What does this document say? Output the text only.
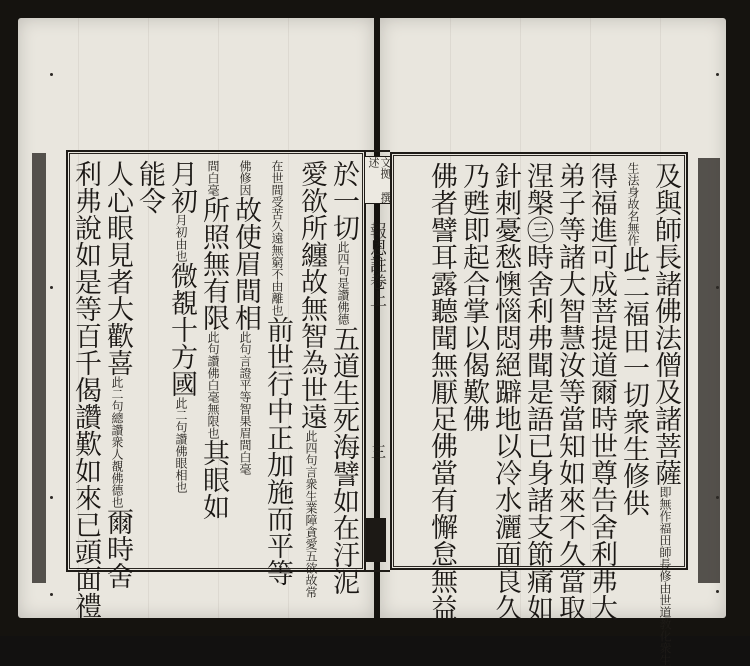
於一切此四句是讚佛德五道生死海譬如在汙泥
愛欲所纏故無智為世遠此四句言衆生業障貪愛五欲故常
在世間受苦久遠無窮不由離也前世行中正加施而平等
佛修因故使眉間相此句言證平等智果眉間白毫
間白毫所照無有限此句讚佛白毫無限也其眼如
月初月初由也微覩十方國此二句讚佛眼相也
能令
人心眼見者大歡喜此二句總讚衆人覩佛德也爾時舍
利弗說如是等百千偈讚歎如來已頭面禮	報恩註卷上
三
文拠 撰述	及與師長諸佛法僧及諸菩薩即無作福田師長修由世道教化衆生
生法身故名無作此二福田一切衆生修供
得福進可成菩提道爾時世尊告舍利弗大
弟子等諸大智慧汝等當知如來不久當取
涅槃㊂時舍利弗聞是語已身諸支節痛如
針刺憂愁懊惱悶絕躃地以冷水灑面良久
乃甦即起合掌以偈歎佛
佛者譬耳露聽聞無厭足佛當有懈怠無益
